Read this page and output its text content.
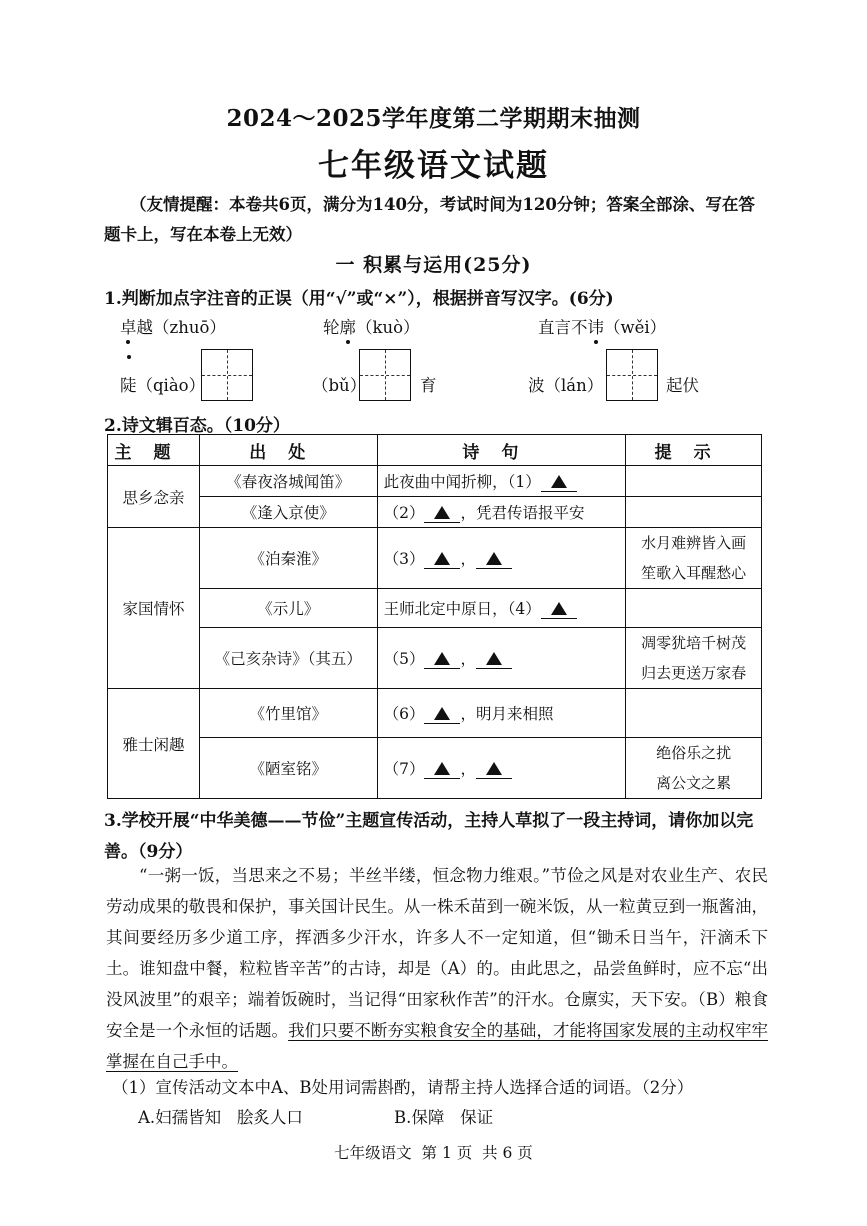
2024～2025学年度第二学期期末抽测
七年级语文试题
（友情提醒：本卷共6页，满分为140分，考试时间为120分钟；答案全部涂、写在答题卡上，写在本卷上无效）
一 积累与运用(25分)
1.判断加点字注音的正误（用“√”或“×”），根据拼音写汉字。(6分)
卓越（zhuō）	轮廓（kuò）	直言不讳（wěi）
陡（qiào）	（bǔ）	育	波（lán）	起伏
2.诗文辑百态。（10分）
主题	出处	诗句	提示
思乡念亲	《春夜洛城闻笛》	此夜曲中闻折柳，（1）	
	《逢入京使》	（2） ，凭君传语报平安	
家国情怀	《泊秦淮》	（3） ，	水月难辨皆入画
笙歌入耳醒愁心

	《示儿》	王师北定中原日，（4）	
	《己亥杂诗》（其五）	（5） ，	凋零犹培千树茂
归去更送万家春

雅士闲趣	《竹里馆》	（6） ，明月来相照	
	《陋室铭》	（7） ，	绝俗乐之扰
离公文之累
3.学校开展“中华美德——节俭”主题宣传活动，主持人草拟了一段主持词，请你加以完善。（9分）
“一粥一饭，当思来之不易；半丝半缕，恒念物力维艰。”节俭之风是对农业生产、农民劳动成果的敬畏和保护，事关国计民生。从一株禾苗到一碗米饭，从一粒黄豆到一瓶酱油，其间要经历多少道工序，挥洒多少汗水，许多人不一定知道，但“锄禾日当午，汗滴禾下土。谁知盘中餐，粒粒皆辛苦”的古诗，却是（A）的。由此思之，品尝鱼鲜时，应不忘“出没风波里”的艰辛；端着饭碗时，当记得“田家秋作苦”的汗水。仓廪实，天下安。（B）粮食安全是一个永恒的话题。我们只要不断夯实粮食安全的基础，才能将国家发展的主动权牢牢掌握在自己手中。
（1）宣传活动文本中A、B处用词需斟酌，请帮主持人选择合适的词语。（2分）
A.妇孺皆知   脍炙人口	B.保障   保证
七年级语文  第 1 页  共 6 页
